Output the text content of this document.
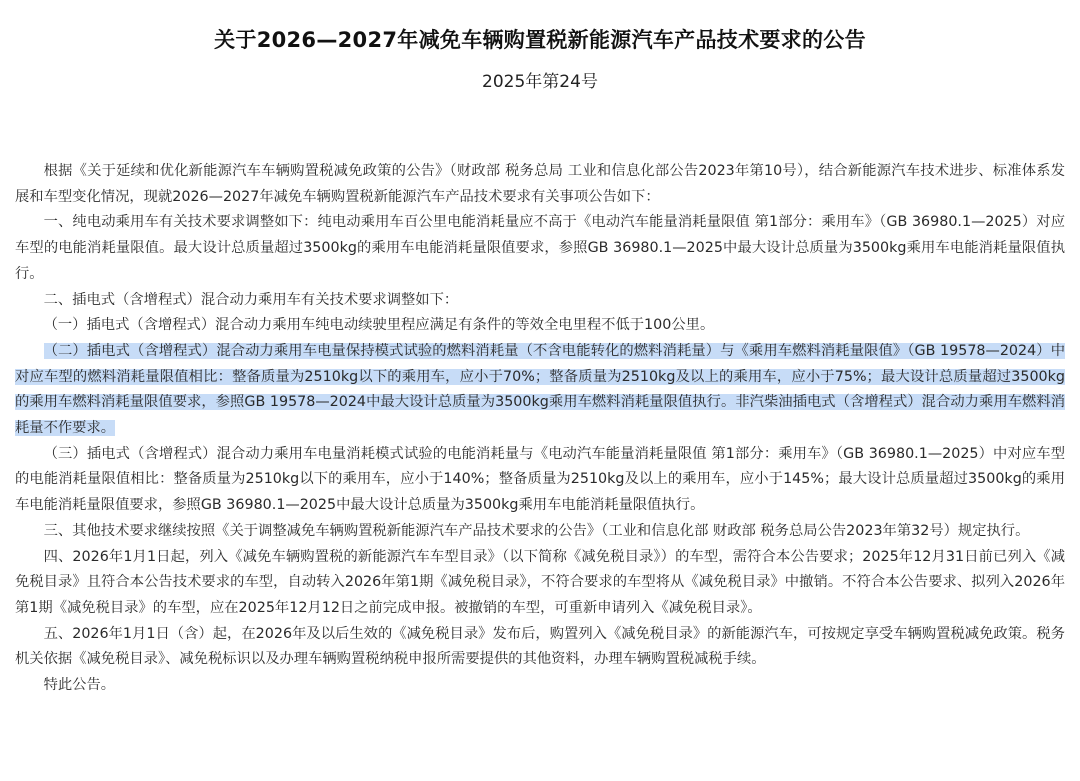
关于2026—2027年减免车辆购置税新能源汽车产品技术要求的公告
2025年第24号

根据《关于延续和优化新能源汽车车辆购置税减免政策的公告》（财政部 税务总局 工业和信息化部公告2023年第10号），结合新能源汽车技术进步、标准体系发展和车型变化情况，现就2026—2027年减免车辆购置税新能源汽车产品技术要求有关事项公告如下：

一、纯电动乘用车有关技术要求调整如下：纯电动乘用车百公里电能消耗量应不高于《电动汽车能量消耗量限值 第1部分：乘用车》（GB 36980.1—2025）对应车型的电能消耗量限值。最大设计总质量超过3500kg的乘用车电能消耗量限值要求，参照GB 36980.1—2025中最大设计总质量为3500kg乘用车电能消耗量限值执行。

二、插电式（含增程式）混合动力乘用车有关技术要求调整如下：

（一）插电式（含增程式）混合动力乘用车纯电动续驶里程应满足有条件的等效全电里程不低于100公里。

（二）插电式（含增程式）混合动力乘用车电量保持模式试验的燃料消耗量（不含电能转化的燃料消耗量）与《乘用车燃料消耗量限值》（GB 19578—2024）中对应车型的燃料消耗量限值相比：整备质量为2510kg以下的乘用车，应小于70%；整备质量为2510kg及以上的乘用车，应小于75%；最大设计总质量超过3500kg的乘用车燃料消耗量限值要求，参照GB 19578—2024中最大设计总质量为3500kg乘用车燃料消耗量限值执行。非汽柴油插电式（含增程式）混合动力乘用车燃料消耗量不作要求。

（三）插电式（含增程式）混合动力乘用车电量消耗模式试验的电能消耗量与《电动汽车能量消耗量限值 第1部分：乘用车》（GB 36980.1—2025）中对应车型的电能消耗量限值相比：整备质量为2510kg以下的乘用车，应小于140%；整备质量为2510kg及以上的乘用车，应小于145%；最大设计总质量超过3500kg的乘用车电能消耗量限值要求，参照GB 36980.1—2025中最大设计总质量为3500kg乘用车电能消耗量限值执行。

三、其他技术要求继续按照《关于调整减免车辆购置税新能源汽车产品技术要求的公告》（工业和信息化部 财政部 税务总局公告2023年第32号）规定执行。

四、2026年1月1日起，列入《减免车辆购置税的新能源汽车车型目录》（以下简称《减免税目录》）的车型，需符合本公告要求；2025年12月31日前已列入《减免税目录》且符合本公告技术要求的车型，自动转入2026年第1期《减免税目录》，不符合要求的车型将从《减免税目录》中撤销。不符合本公告要求、拟列入2026年第1期《减免税目录》的车型，应在2025年12月12日之前完成申报。被撤销的车型，可重新申请列入《减免税目录》。

五、2026年1月1日（含）起，在2026年及以后生效的《减免税目录》发布后，购置列入《减免税目录》的新能源汽车，可按规定享受车辆购置税减免政策。税务机关依据《减免税目录》、减免税标识以及办理车辆购置税纳税申报所需要提供的其他资料，办理车辆购置税减税手续。

特此公告。
